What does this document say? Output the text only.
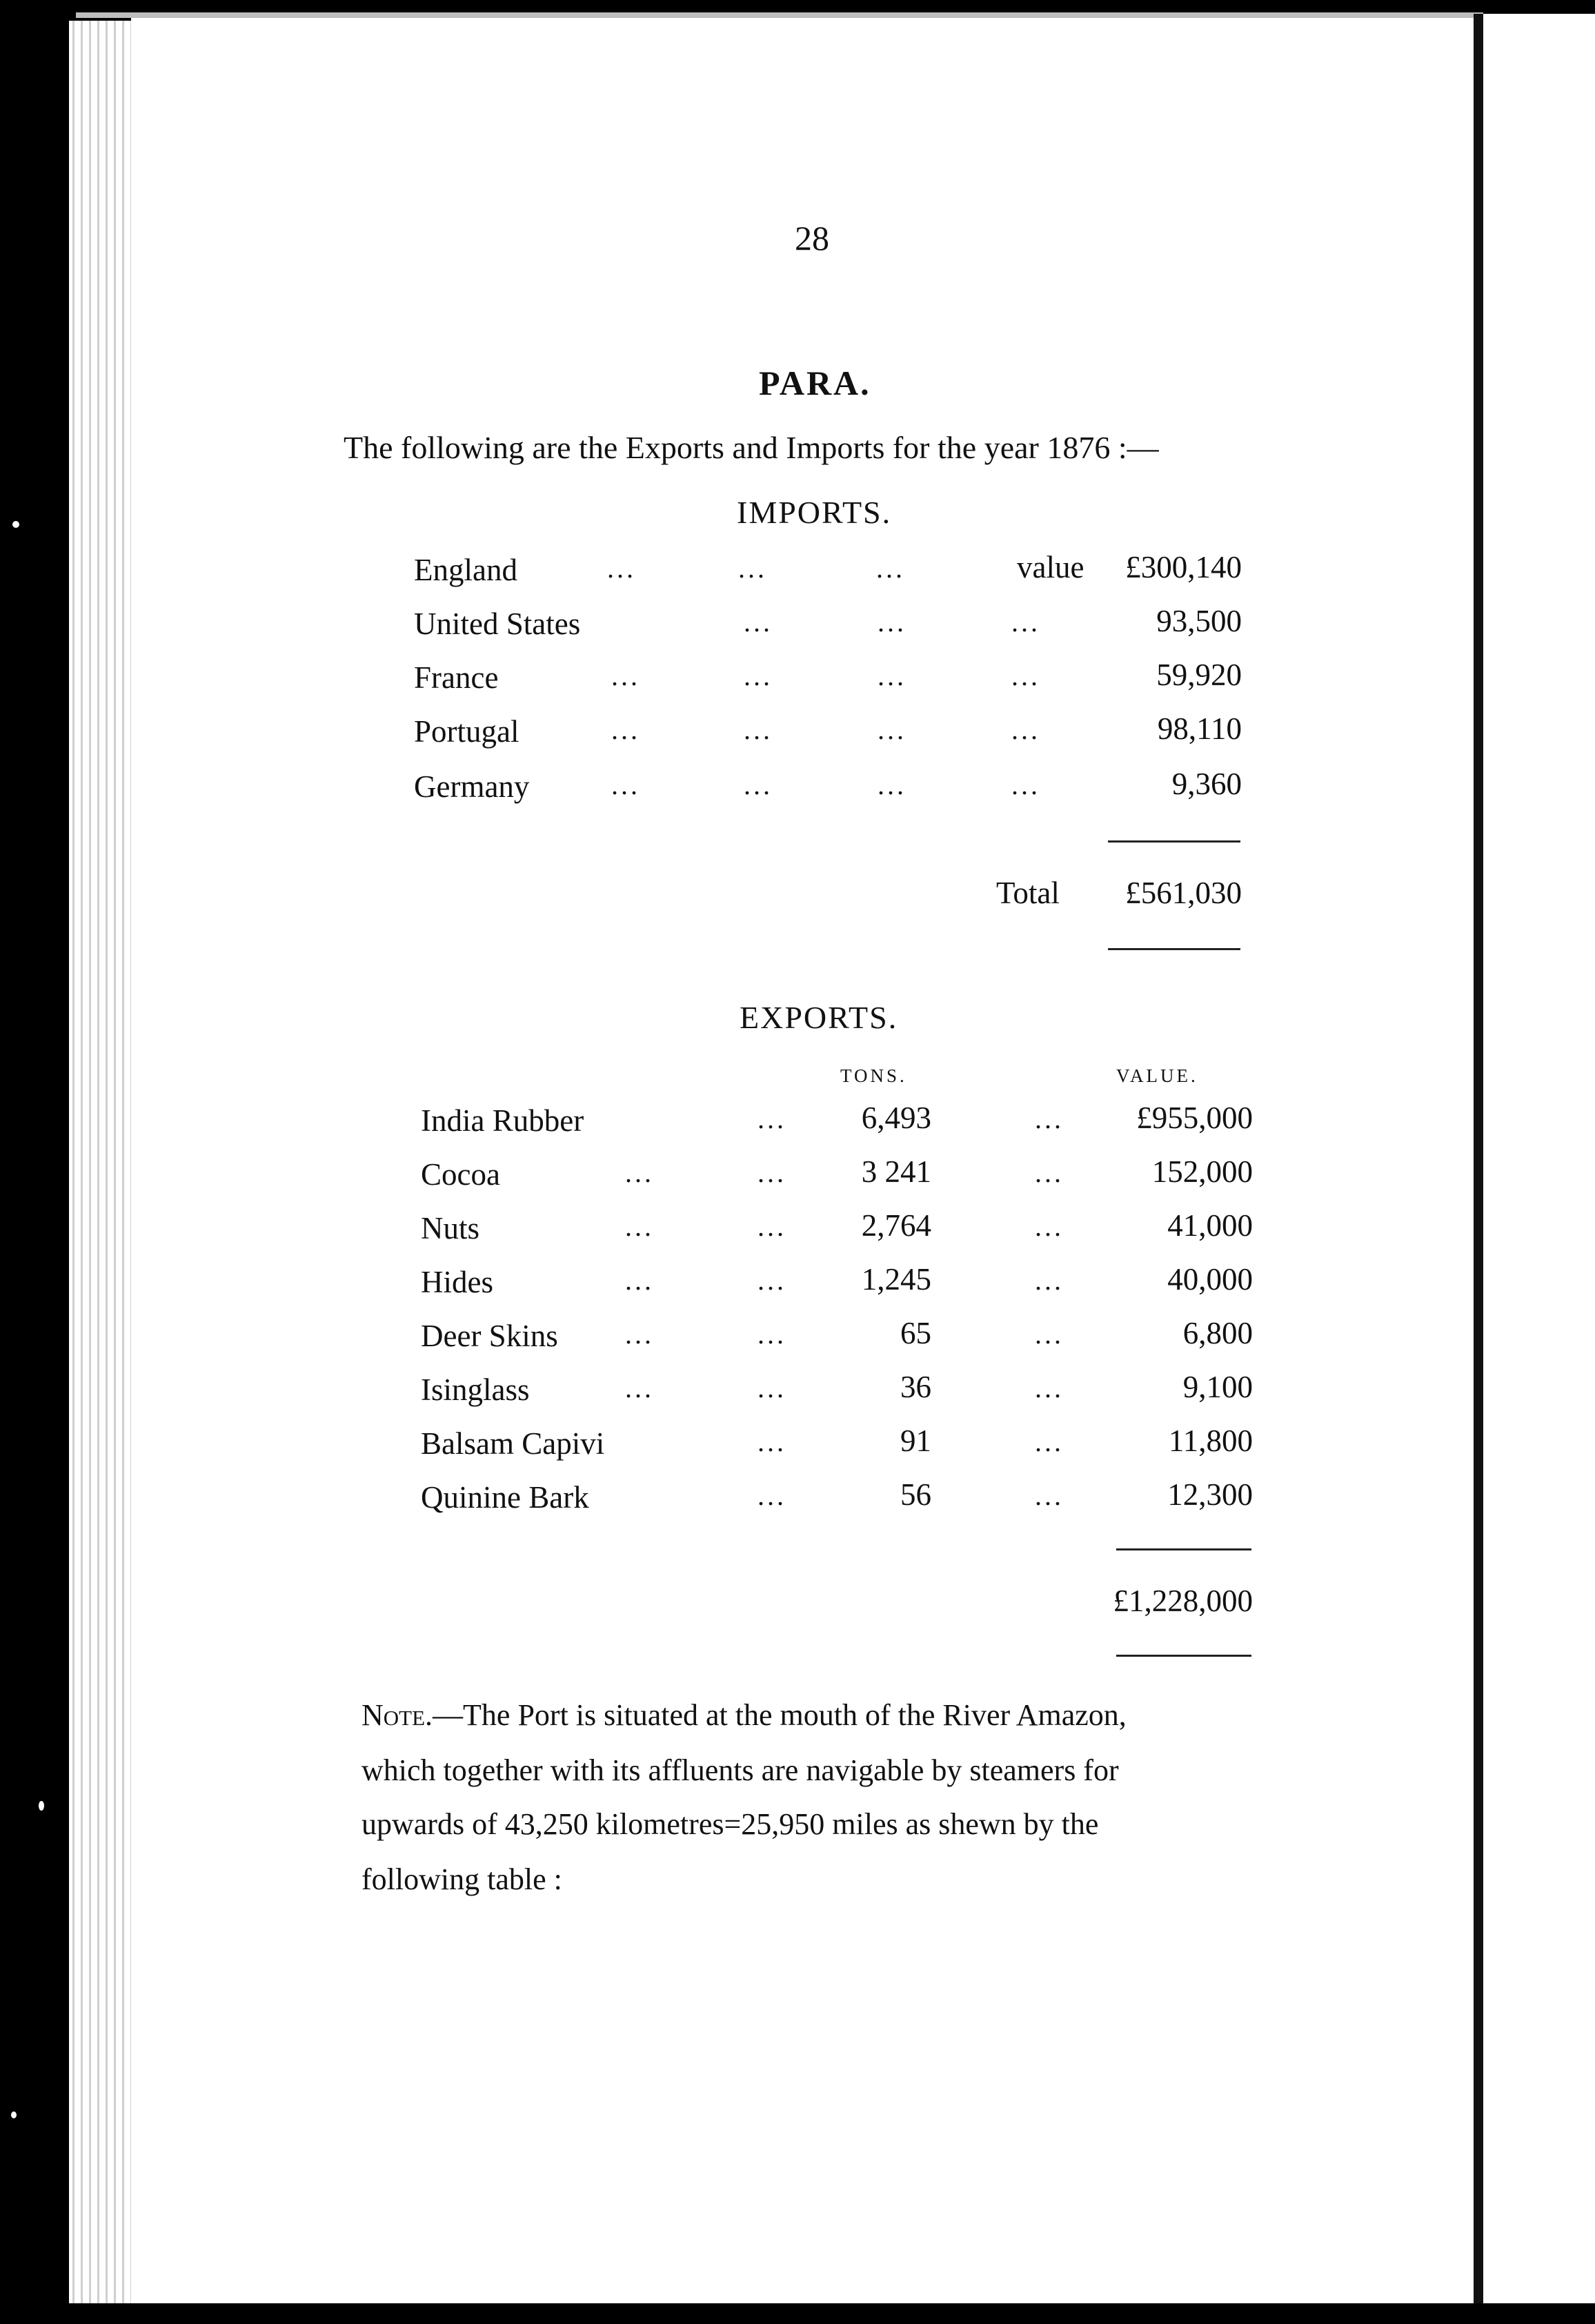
28
PARA.
The following are the Exports and Imports for the year 1876 :—
IMPORTS.
England	...	...	...	value	£300,140
United States	...	...	...	93,500
France	...	...	...	...	59,920
Portugal	...	...	...	...	98,110
Germany	...	...	...	...	9,360
Total	£561,030
EXPORTS.
TONS.	VALUE.
India Rubber	...	6,493	...	£955,000
Cocoa	...	...	3 241	...	152,000
Nuts	...	...	2,764	...	41,000
Hides	...	...	1,245	...	40,000
Deer Skins ...	...	65	...	6,800
Isinglass	...	...	36	...	9,100
Balsam Capivi	...	91	...	11,800
Quinine Bark	...	56	...	12,300
£1,228,000
Note.—The Port is situated at the mouth of the River Amazon,
which together with its affluents are navigable by steamers for
upwards of 43,250 kilometres=25,950 miles as shewn by the
following table :
